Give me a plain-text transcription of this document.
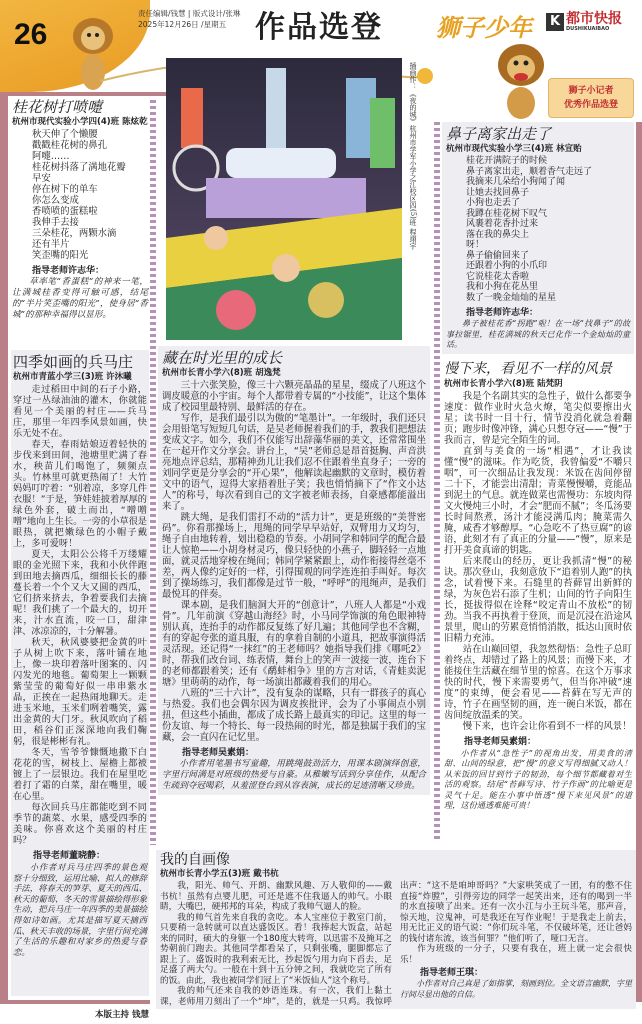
26
责任编辑/钱慧 | 版式设计/张琳
2025年12月26日 /星期五 作品选登 狮子少年	K 都市快报
DUSHIKUAIBAO
狮子小记者
优秀作品选登
桂花树打喷嚏
杭州市现代实验小学四(4)班 陈炫乾
秋天伸了个懒腰
戳戳桂花树的鼻孔
阿嚏……
桂花树抖落了满地花瓣
早安
停在树下的单车
你怎么变成
香喷喷的蛋糕啦
我伸手去接
三朵桂花，两颗水滴
还有半片
笑歪嘴的阳光
指导老师许志华：
草率笔“香蛋糕”的神来一笔，让满城桂香变得可触可感，结尾的“半片笑歪嘴的阳光”，使身居“香城”的那种幸福得以显形。
四季如画的兵马庄
杭州市青蓝小学三(3)班 许沐曦

走过稻田中间的石子小路，穿过一丛绿油油的灌木，你就能看见一个美丽的村庄——兵马庄，那里一年四季风景如画，快乐无处不在。

春天，春雨姑娘迈着轻快的步伐来到田间，池塘里贮满了春水，秧苗儿们喝饱了，频频点头。竹林里可就更热闹了！大竹妈妈叮咛着：“别着凉，多穿几件衣服！”于是，笋娃娃披着厚厚的绿色外套，破土而出，“噌噌噌”地向上生长。一旁的小草很是眼热，就把嫩绿色的小帽子戴上，多可爱呀！

夏天，太阳公公将千万缕耀眼的金光照下来，我和小伙伴跑到田地去摘西瓜，细细长长的藤蔓长着一个个又大又圆的西瓜，它们挤来挤去，争着要我们去摘呢！我们挑了一个最大的，切开来，汁水直流，咬一口，甜津津、冰凉凉的，十分解暑。

秋天，秋风婆婆把金黄的叶子从树上吹下来，落叶铺在地上，像一块印着落叶图案的、闪闪发光的地毯。葡萄架上一颗颗紫莹莹的葡萄好似一串串紫水晶，正挨在一起热闹地聊天。走进玉米地，玉米们咧着嘴笑，露出金黄的大门牙。秋风吹向了稻田，稻谷们正深深地向我们鞠躬，很是彬彬有礼。

冬天，雪爷爷慷慨地撒下白花花的雪，树枝上、屋檐上都被镀上了一层银边。我们在屋里吃着打了霜的白菜，甜在嘴里，暖在心里。

每次回兵马庄都能吃到不同季节的蔬菜、水果，感受四季的美味。你喜欢这个美丽的村庄吗？

指导老师董晓静：
小作者对兵马庄四季的景色观察十分细致，运用比喻、拟人的修辞手法，将春天的笋芽、夏天的西瓜、秋天的葡萄、冬天的雪景描绘得形象生动，把兵马庄一年四季的美景描绘得如诗如画。尤其是描写夏天摘西瓜、秋天丰收的场景，字里行间充满了生活的乐趣和对家乡的热爱与眷恋。
本版主持 钱慧
插画作：《夜的城》杭州市学军小学之江校区四(5)班 程翊宇
藏在时光里的成长
杭州市长青小学六(8)班 胡逸梵

三十六张笑脸，像三十六颗亮晶晶的星星，缀成了八班这个调皮暖意的小宇宙。每个人都带着专属的“小技能”，让这个集体成了校园里最特别、最鲜活的存在。

写作，是我们最引以为傲的“笔墨计”。一年级时，我们还只会用铅笔写短短几句话，是吴老师握着我们的手，教我们把想法变成文字。如今，我们不仅能写出辞藻华丽的美文，还常常围坐在一起开作文分享会。讲台上，“吴”老师总是昂首挺胸、声音洪亮地点评总结，那精神劲儿让我们忍不住跟着坐直身子；一旁的刘同学更是分享会的“开心果”，他解读起幽默的文章时，模仿着文中的语气，逗得大家捂着肚子笑；我也悄悄摘下了“作文小达人”的称号，每次看到自己的文字被老师表扬，自豪感都能溢出来了。

跳大绳，是我们雷打不动的“活力计”，更是班级的“美誉密码”。你看那操场上，甩绳的同学早早站好，双臂用力又均匀，绳子自由地转着，划出稳稳的节奏。小胡同学和韩同学的配合最让人惊艳——小胡身材灵巧，像只轻快的小燕子，脚轻轻一点地面，就灵活地穿梭在绳间；韩同学紧紧跟上，动作衔接得丝毫不差，两人像约定好的一样，引得围观的同学连连拍手叫好。每次到了操场练习，我们都像是过节一般，“呼呼”的甩绳声，是我们最悦耳的伴奏。

课本剧，是我们脑洞大开的“创意计”，八班人人都是“小戏骨”。几年前演《穿越山海经》时，小马同学饰演的角色眼神特别认真，连抬手的动作都反复练了好几遍；其他同学也不含糊，有的穿起夸张的道具服，有的拿着自制的小道具，把故事演得活灵活现。还记得“一抹红”的王老师吗？她指导我们排《哪吒2》时，帮我们改台词、练表情，舞台上的笑声一波接一波，连台下的老师都跟着笑；还有《鹬蚌相争》里的方言对话，《青蛙卖泥塘》里萌萌的动作，每一场演出都藏着我们的用心。

八班的“三十六计”，没有复杂的谋略，只有一群孩子的真心与热爱。我们也会偶尔因为调皮挨批评，会为了小事闹点小别扭，但这些小插曲，都成了成长路上最真实的印记。这里的每一份友谊、每一个特长、每一段热闹的时光，都是独属于我们的宝藏，会一直闪在记忆里。

指导老师吴素娟：
小作者用笔墨书写童趣，用跳绳鼓劲活力，用课本剧演绎创意，字里行间满是对班级的热爱与自豪。从稚嫩写话到分享佳作，从配合生疏到夺冠喝彩，从羞涩登台到从容表演，成长的足迹清晰又珍贵。
鼻子离家出走了
杭州市现代实验小学三(4)班 林宣贻
桂花开满院子的时候
鼻子离家出走，顺着香气走远了
我摘来几朵给小狗闻了闻
让她去找回鼻子
小狗也走丢了
我蹲在桂花树下叹气
风裹着花香扑过来
落在我的鼻尖上
呀！
鼻子偷偷回来了
还跟着小狗的小爪印
它说桂花太香啦
我和小狗在花丛里
数了一晚金灿灿的星星
指导老师许志华：
鼻子被桂花香“拐跑”啦！在一场“找鼻子”的故事拉锯里，桂花满城的秋天已化作一个金灿灿的童话。
慢下来，看见不一样的风景
杭州市长青小学六(8)班 陆梵阴

我是个名副其实的急性子，做什么都要争速度：做作业时火急火燎，笔尖似要擦出火星；读书时一目十行，情节没消化就急着翻页；跑步时像冲锋，满心只想夺冠——“慢”于我而言，曾是完全陌生的词。

直到与美食的一场“相遇”，才让我读懂“慢”的滋味。作为吃货，我曾偏爱“不嚼只咽”，可一次细品让我发现：米饭在齿间停留二十下，才能尝出清甜；青菜慢慢嚼，竟能品到泥土的气息。就连做菜也需慢功：东坡肉得文火慢炖三小时，才会“肥而不腻”；冬瓜汤要长时间熬煮，汤汁才能浸满瓜肉；腌菜需久腌，咸香才够醇厚。“心急吃不了热豆腐”的谚语，此刻才有了真正的分量——“慢”，原来是打开美食真谛的钥匙。

后来爬山的经历，更让我抓清“慢”的秘诀。那次登山，我刻意放下“追着别人跑”的执念，试着慢下来。石缝里的苔藓冒出新鲜的绿，为灰色岩石添了生机；山间的竹子向阳生长，挺拔得似在诠释“咬定青山不放松”的韧劲。当我不再执着于登顶，而是沉浸在沿途风景里，爬山的劳累竟悄悄消散，抵达山顶时依旧精力充沛。

站在山巅回望，我忽然彻悟：急性子总盯着终点，却错过了路上的风景；而慢下来，才能接住生活藏在细节里的惊喜。在这个万事求快的时代，慢下来需要勇气，但当你冲破“速度”的束缚，便会看见——苔藓在写无声的诗，竹子在画坚韧的画，连一碗白米饭，都在齿间绽放温柔的笑。

慢下来，也许会让你看到不一样的风景！

指导老师吴素娟：
小作者从“急性子”的视角出发，用美食的清甜、山间的绿意，把“慢”的意义写得细腻又动人！从米饭的回甘到竹子的韧劲，每个细节都藏着对生活的观察。结尾“苔藓写诗、竹子作画”的比喻更是灵气十足。能在小事中悟透“慢下来见风景”的道理，这份通透难能可贵！
我的自画像
杭州市长青小学五(3)班 戴书杭

我，阳光、帅气、开朗、幽默风趣、万人敬仰的——戴书杭！虽然有点婴儿肥，可还是遮不住我逼人的帅气。小眼睛，大嘴巴，硬邦邦的耳朵，构成了我帅气逼人的脸。

我的帅气首先来自我的贪吃。本人宝座位于教室门前，只要稍一急转就可以直达盛饭区。看！我捧起大饭盒，站起来的同时，硕大的身躯一个180度大转弯，以迅雷不及掩耳之势朝前门跑去。其他同学都看呆了，只剩张嘴，腿脚都忘了跟上了。盛饭时的我利索无比，抄起饭勺用力向下舀去，足足盛了两大勺。一般在十到十五分钟之间，我就吃完了所有的饭。由此，我也被同学们冠上了“米饭仙人”这个称号。

我的帅气还来自我的妙语连珠。有一次，我们上黏土课，老师用刀刻出了一个“坤”，是的，就是一只鸡。我惊呼出声：“这不是咱坤哥吗？”大家哄笑成了一团，有的憋不住直接“炸膛”，引得旁边的同学一起笑出来，还有的喝到一半的水直接喷了出来。还有一次小江与小王玩斗笔，那声音，惊天地，泣鬼神，可是我还在写作业呢！于是我走上前去，用无比正义的语气说：“你们玩斗笔，不仅破坏笔，还让爸妈的钱付诸东流，该当何罪？”他们听了，哑口无言。

作为班级的一分子，只要有我在，班上就一定会很快乐！

指导老师王琪：
小作者对自己真是了如指掌，刻画到位。全文语言幽默，字里行间尽显出他的自信。
